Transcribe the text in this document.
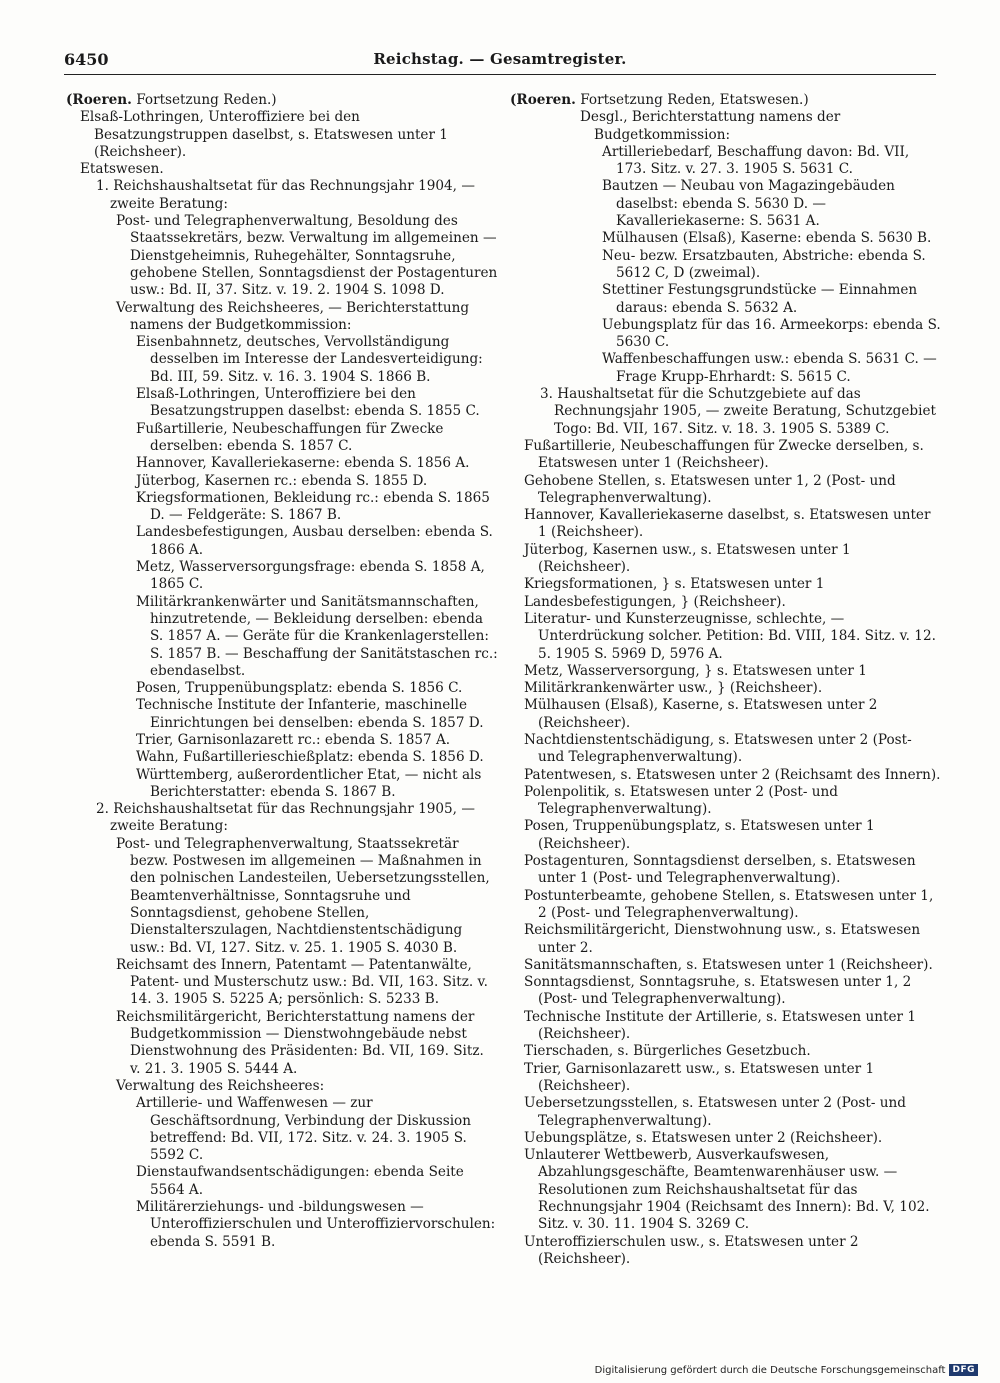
6450	Reichstag. — Gesamtregister.

(Roeren. Fortsetzung Reden.)

Elsaß-Lothringen, Unteroffiziere bei den Besatzungstruppen daselbst, s. Etatswesen unter 1 (Reichsheer).

Etatswesen.

1. Reichshaushaltsetat für das Rechnungsjahr 1904, — zweite Beratung:

Post- und Telegraphenverwaltung, Besoldung des Staatssekretärs, bezw. Verwaltung im allgemeinen — Dienstgeheimnis, Ruhegehälter, Sonntagsruhe, gehobene Stellen, Sonntagsdienst der Postagenturen usw.: Bd. II, 37. Sitz. v. 19. 2. 1904 S. 1098 D.

Verwaltung des Reichsheeres, — Berichterstattung namens der Budgetkommission:

Eisenbahnnetz, deutsches, Vervollständigung desselben im Interesse der Landesverteidigung: Bd. III, 59. Sitz. v. 16. 3. 1904 S. 1866 B.

Elsaß-Lothringen, Unteroffiziere bei den Besatzungstruppen daselbst: ebenda S. 1855 C.

Fußartillerie, Neubeschaffungen für Zwecke derselben: ebenda S. 1857 C.

Hannover, Kavalleriekaserne: ebenda S. 1856 A.

Jüterbog, Kasernen rc.: ebenda S. 1855 D.

Kriegsformationen, Bekleidung rc.: ebenda S. 1865 D. — Feldgeräte: S. 1867 B.

Landesbefestigungen, Ausbau derselben: ebenda S. 1866 A.

Metz, Wasserversorgungsfrage: ebenda S. 1858 A, 1865 C.

Militärkrankenwärter und Sanitätsmannschaften, hinzutretende, — Bekleidung derselben: ebenda S. 1857 A. — Geräte für die Krankenlagerstellen: S. 1857 B. — Beschaffung der Sanitätstaschen rc.: ebendaselbst.

Posen, Truppenübungsplatz: ebenda S. 1856 C.

Technische Institute der Infanterie, maschinelle Einrichtungen bei denselben: ebenda S. 1857 D.

Trier, Garnisonlazarett rc.: ebenda S. 1857 A.

Wahn, Fußartillerieschießplatz: ebenda S. 1856 D.

Württemberg, außerordentlicher Etat, — nicht als Berichterstatter: ebenda S. 1867 B.

2. Reichshaushaltsetat für das Rechnungsjahr 1905, — zweite Beratung:

Post- und Telegraphenverwaltung, Staatssekretär bezw. Postwesen im allgemeinen — Maßnahmen in den polnischen Landesteilen, Uebersetzungsstellen, Beamtenverhältnisse, Sonntagsruhe und Sonntagsdienst, gehobene Stellen, Dienstalterszulagen, Nachtdienstentschädigung usw.: Bd. VI, 127. Sitz. v. 25. 1. 1905 S. 4030 B.

Reichsamt des Innern, Patentamt — Patentanwälte, Patent- und Musterschutz usw.: Bd. VII, 163. Sitz. v. 14. 3. 1905 S. 5225 A; persönlich: S. 5233 B.

Reichsmilitärgericht, Berichterstattung namens der Budgetkommission — Dienstwohngebäude nebst Dienstwohnung des Präsidenten: Bd. VII, 169. Sitz. v. 21. 3. 1905 S. 5444 A.

Verwaltung des Reichsheeres:

Artillerie- und Waffenwesen — zur Geschäftsordnung, Verbindung der Diskussion betreffend: Bd. VII, 172. Sitz. v. 24. 3. 1905 S. 5592 C.

Dienstaufwandsentschädigungen: ebenda Seite 5564 A.

Militärerziehungs- und -bildungswesen — Unteroffizierschulen und Unteroffiziervorschulen: ebenda S. 5591 B.

(Roeren. Fortsetzung Reden, Etatswesen.)

Desgl., Berichterstattung namens der Budgetkommission:

Artilleriebedarf, Beschaffung davon: Bd. VII, 173. Sitz. v. 27. 3. 1905 S. 5631 C.

Bautzen — Neubau von Magazingebäuden daselbst: ebenda S. 5630 D. — Kavalleriekaserne: S. 5631 A.

Mülhausen (Elsaß), Kaserne: ebenda S. 5630 B.

Neu- bezw. Ersatzbauten, Abstriche: ebenda S. 5612 C, D (zweimal).

Stettiner Festungsgrundstücke — Einnahmen daraus: ebenda S. 5632 A.

Uebungsplatz für das 16. Armeekorps: ebenda S. 5630 C.

Waffenbeschaffungen usw.: ebenda S. 5631 C. — Frage Krupp-Ehrhardt: S. 5615 C.

3. Haushaltsetat für die Schutzgebiete auf das Rechnungsjahr 1905, — zweite Beratung, Schutzgebiet Togo: Bd. VII, 167. Sitz. v. 18. 3. 1905 S. 5389 C.

Fußartillerie, Neubeschaffungen für Zwecke derselben, s. Etatswesen unter 1 (Reichsheer).

Gehobene Stellen, s. Etatswesen unter 1, 2 (Post- und Telegraphenverwaltung).

Hannover, Kavalleriekaserne daselbst, s. Etatswesen unter 1 (Reichsheer).

Jüterbog, Kasernen usw., s. Etatswesen unter 1 (Reichsheer).

Kriegsformationen, } s. Etatswesen unter 1

Landesbefestigungen, } (Reichsheer).

Literatur- und Kunsterzeugnisse, schlechte, — Unterdrückung solcher. Petition: Bd. VIII, 184. Sitz. v. 12. 5. 1905 S. 5969 D, 5976 A.

Metz, Wasserversorgung, } s. Etatswesen unter 1

Militärkrankenwärter usw., } (Reichsheer).

Mülhausen (Elsaß), Kaserne, s. Etatswesen unter 2 (Reichsheer).

Nachtdienstentschädigung, s. Etatswesen unter 2 (Post- und Telegraphenverwaltung).

Patentwesen, s. Etatswesen unter 2 (Reichsamt des Innern).

Polenpolitik, s. Etatswesen unter 2 (Post- und Telegraphenverwaltung).

Posen, Truppenübungsplatz, s. Etatswesen unter 1 (Reichsheer).

Postagenturen, Sonntagsdienst derselben, s. Etatswesen unter 1 (Post- und Telegraphenverwaltung).

Postunterbeamte, gehobene Stellen, s. Etatswesen unter 1, 2 (Post- und Telegraphenverwaltung).

Reichsmilitärgericht, Dienstwohnung usw., s. Etatswesen unter 2.

Sanitätsmannschaften, s. Etatswesen unter 1 (Reichsheer).

Sonntagsdienst, Sonntagsruhe, s. Etatswesen unter 1, 2 (Post- und Telegraphenverwaltung).

Technische Institute der Artillerie, s. Etatswesen unter 1 (Reichsheer).

Tierschaden, s. Bürgerliches Gesetzbuch.

Trier, Garnisonlazarett usw., s. Etatswesen unter 1 (Reichsheer).

Uebersetzungsstellen, s. Etatswesen unter 2 (Post- und Telegraphenverwaltung).

Uebungsplätze, s. Etatswesen unter 2 (Reichsheer).

Unlauterer Wettbewerb, Ausverkaufswesen, Abzahlungsgeschäfte, Beamtenwarenhäuser usw. — Resolutionen zum Reichshaushaltsetat für das Rechnungsjahr 1904 (Reichsamt des Innern): Bd. V, 102. Sitz. v. 30. 11. 1904 S. 3269 C.

Unteroffizierschulen usw., s. Etatswesen unter 2 (Reichsheer).

Digitalisierung gefördert durch die Deutsche Forschungsgemeinschaft DFG
